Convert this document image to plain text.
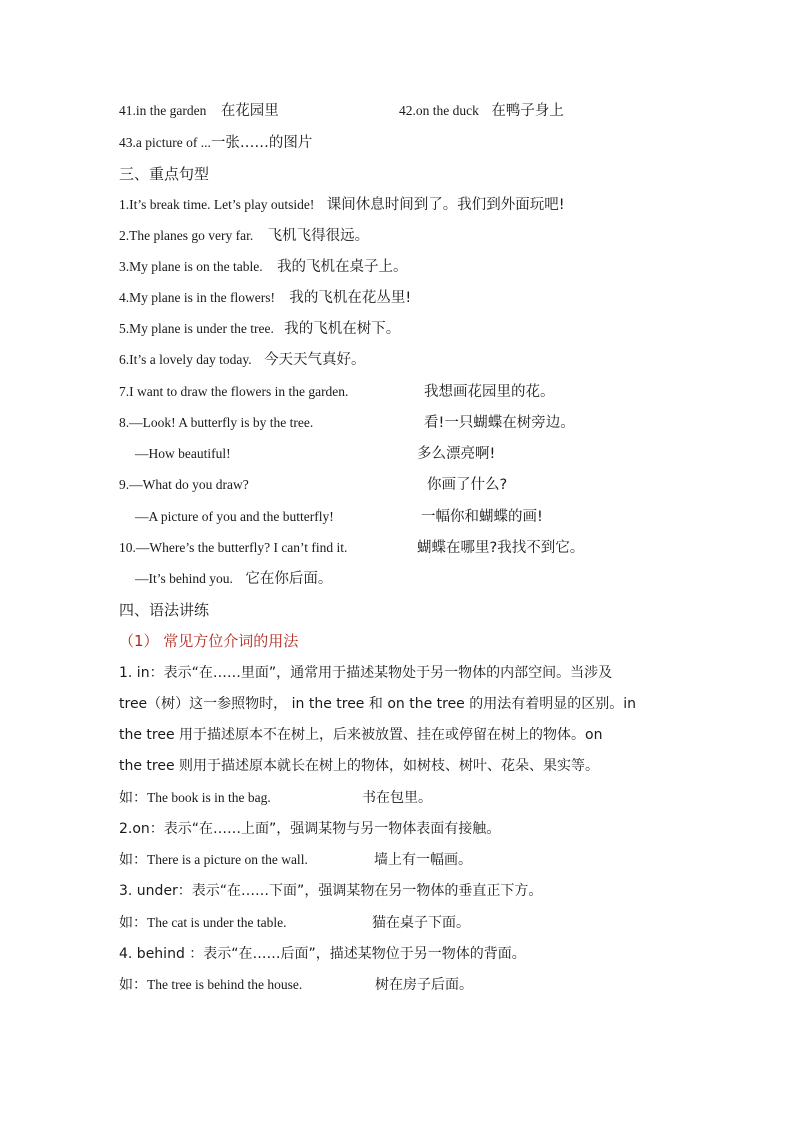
41.in the garden 在花园里	42.on the duck 在鸭子身上
43.a picture of ...一张……的图片
三、重点句型
1.It’s break time. Let’s play outside! 课间休息时间到了。我们到外面玩吧!
2.The planes go very far. 飞机飞得很远。
3.My plane is on the table. 我的飞机在桌子上。
4.My plane is in the flowers! 我的飞机在花丛里!
5.My plane is under the tree. 我的飞机在树下。
6.It’s a lovely day today. 今天天气真好。
7.I want to draw the flowers in the garden.	我想画花园里的花。
8.—Look! A butterfly is by the tree.	看!一只蝴蝶在树旁边。
—How beautiful!	多么漂亮啊!
9.—What do you draw?	你画了什么?
—A picture of you and the butterfly!	一幅你和蝴蝶的画!
10.—Where’s the butterfly? I can’t find it.	蝴蝶在哪里?我找不到它。
—It’s behind you. 它在你后面。
四、语法讲练
（1） 常见方位介词的用法
1. in：表示“在……里面”，通常用于描述某物处于另一物体的内部空间。当涉及
tree（树）这一参照物时， in the tree 和 on the tree 的用法有着明显的区别。in
the tree 用于描述原本不在树上，后来被放置、挂在或停留在树上的物体。on
the tree 则用于描述原本就长在树上的物体，如树枝、树叶、花朵、果实等。
如：The book is in the bag.	书在包里。
2.on：表示“在……上面”，强调某物与另一物体表面有接触。
如：There is a picture on the wall.	墙上有一幅画。
3. under：表示“在……下面”，强调某物在另一物体的垂直正下方。
如：The cat is under the table.	猫在桌子下面。
4. behind ：表示“在……后面”，描述某物位于另一物体的背面。
如：The tree is behind the house.	树在房子后面。
